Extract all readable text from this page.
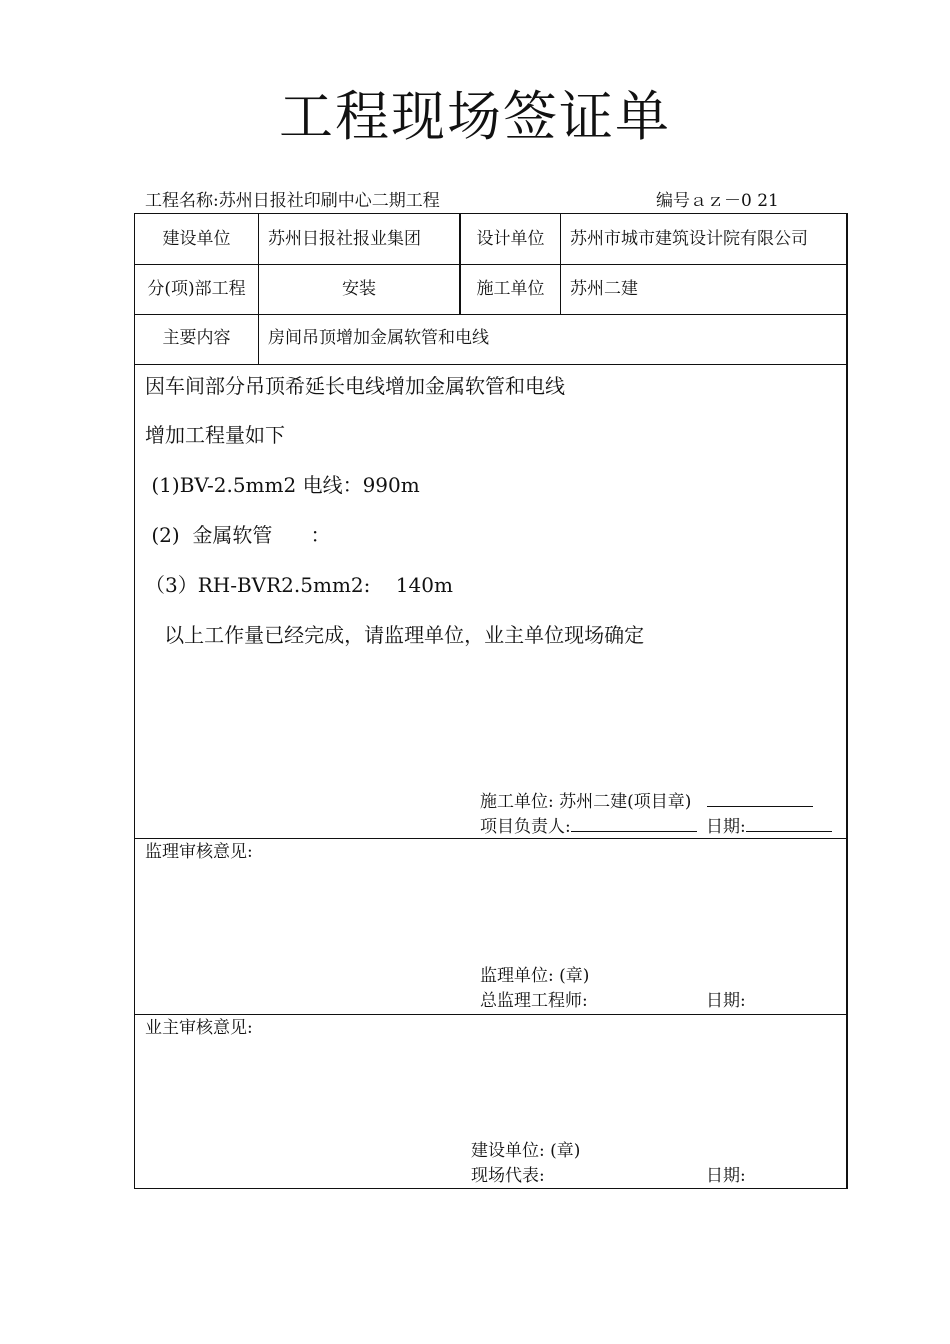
工程现场签证单
工程名称:苏州日报社印刷中心二期工程	编号ａｚ－0 21
建设单位	苏州日报社报业集团	设计单位	苏州市城市建筑设计院有限公司
分(项)部工程	安装	施工单位	苏州二建
主要内容	房间吊顶增加金属软管和电线
因车间部分吊顶希延长电线增加金属软管和电线
增加工程量如下
(1)BV-2.5mm2 电线：990m
(2)  金属软管      ：
（3）RH-BVR2.5mm2:    140m
以上工作量已经完成，请监理单位，业主单位现场确定
施工单位: 苏州二建(项目章)
项目负责人:	日期:
监理审核意见:
监理单位: (章)
总监理工程师:	日期:
业主审核意见:
建设单位: (章)
现场代表:	日期:
